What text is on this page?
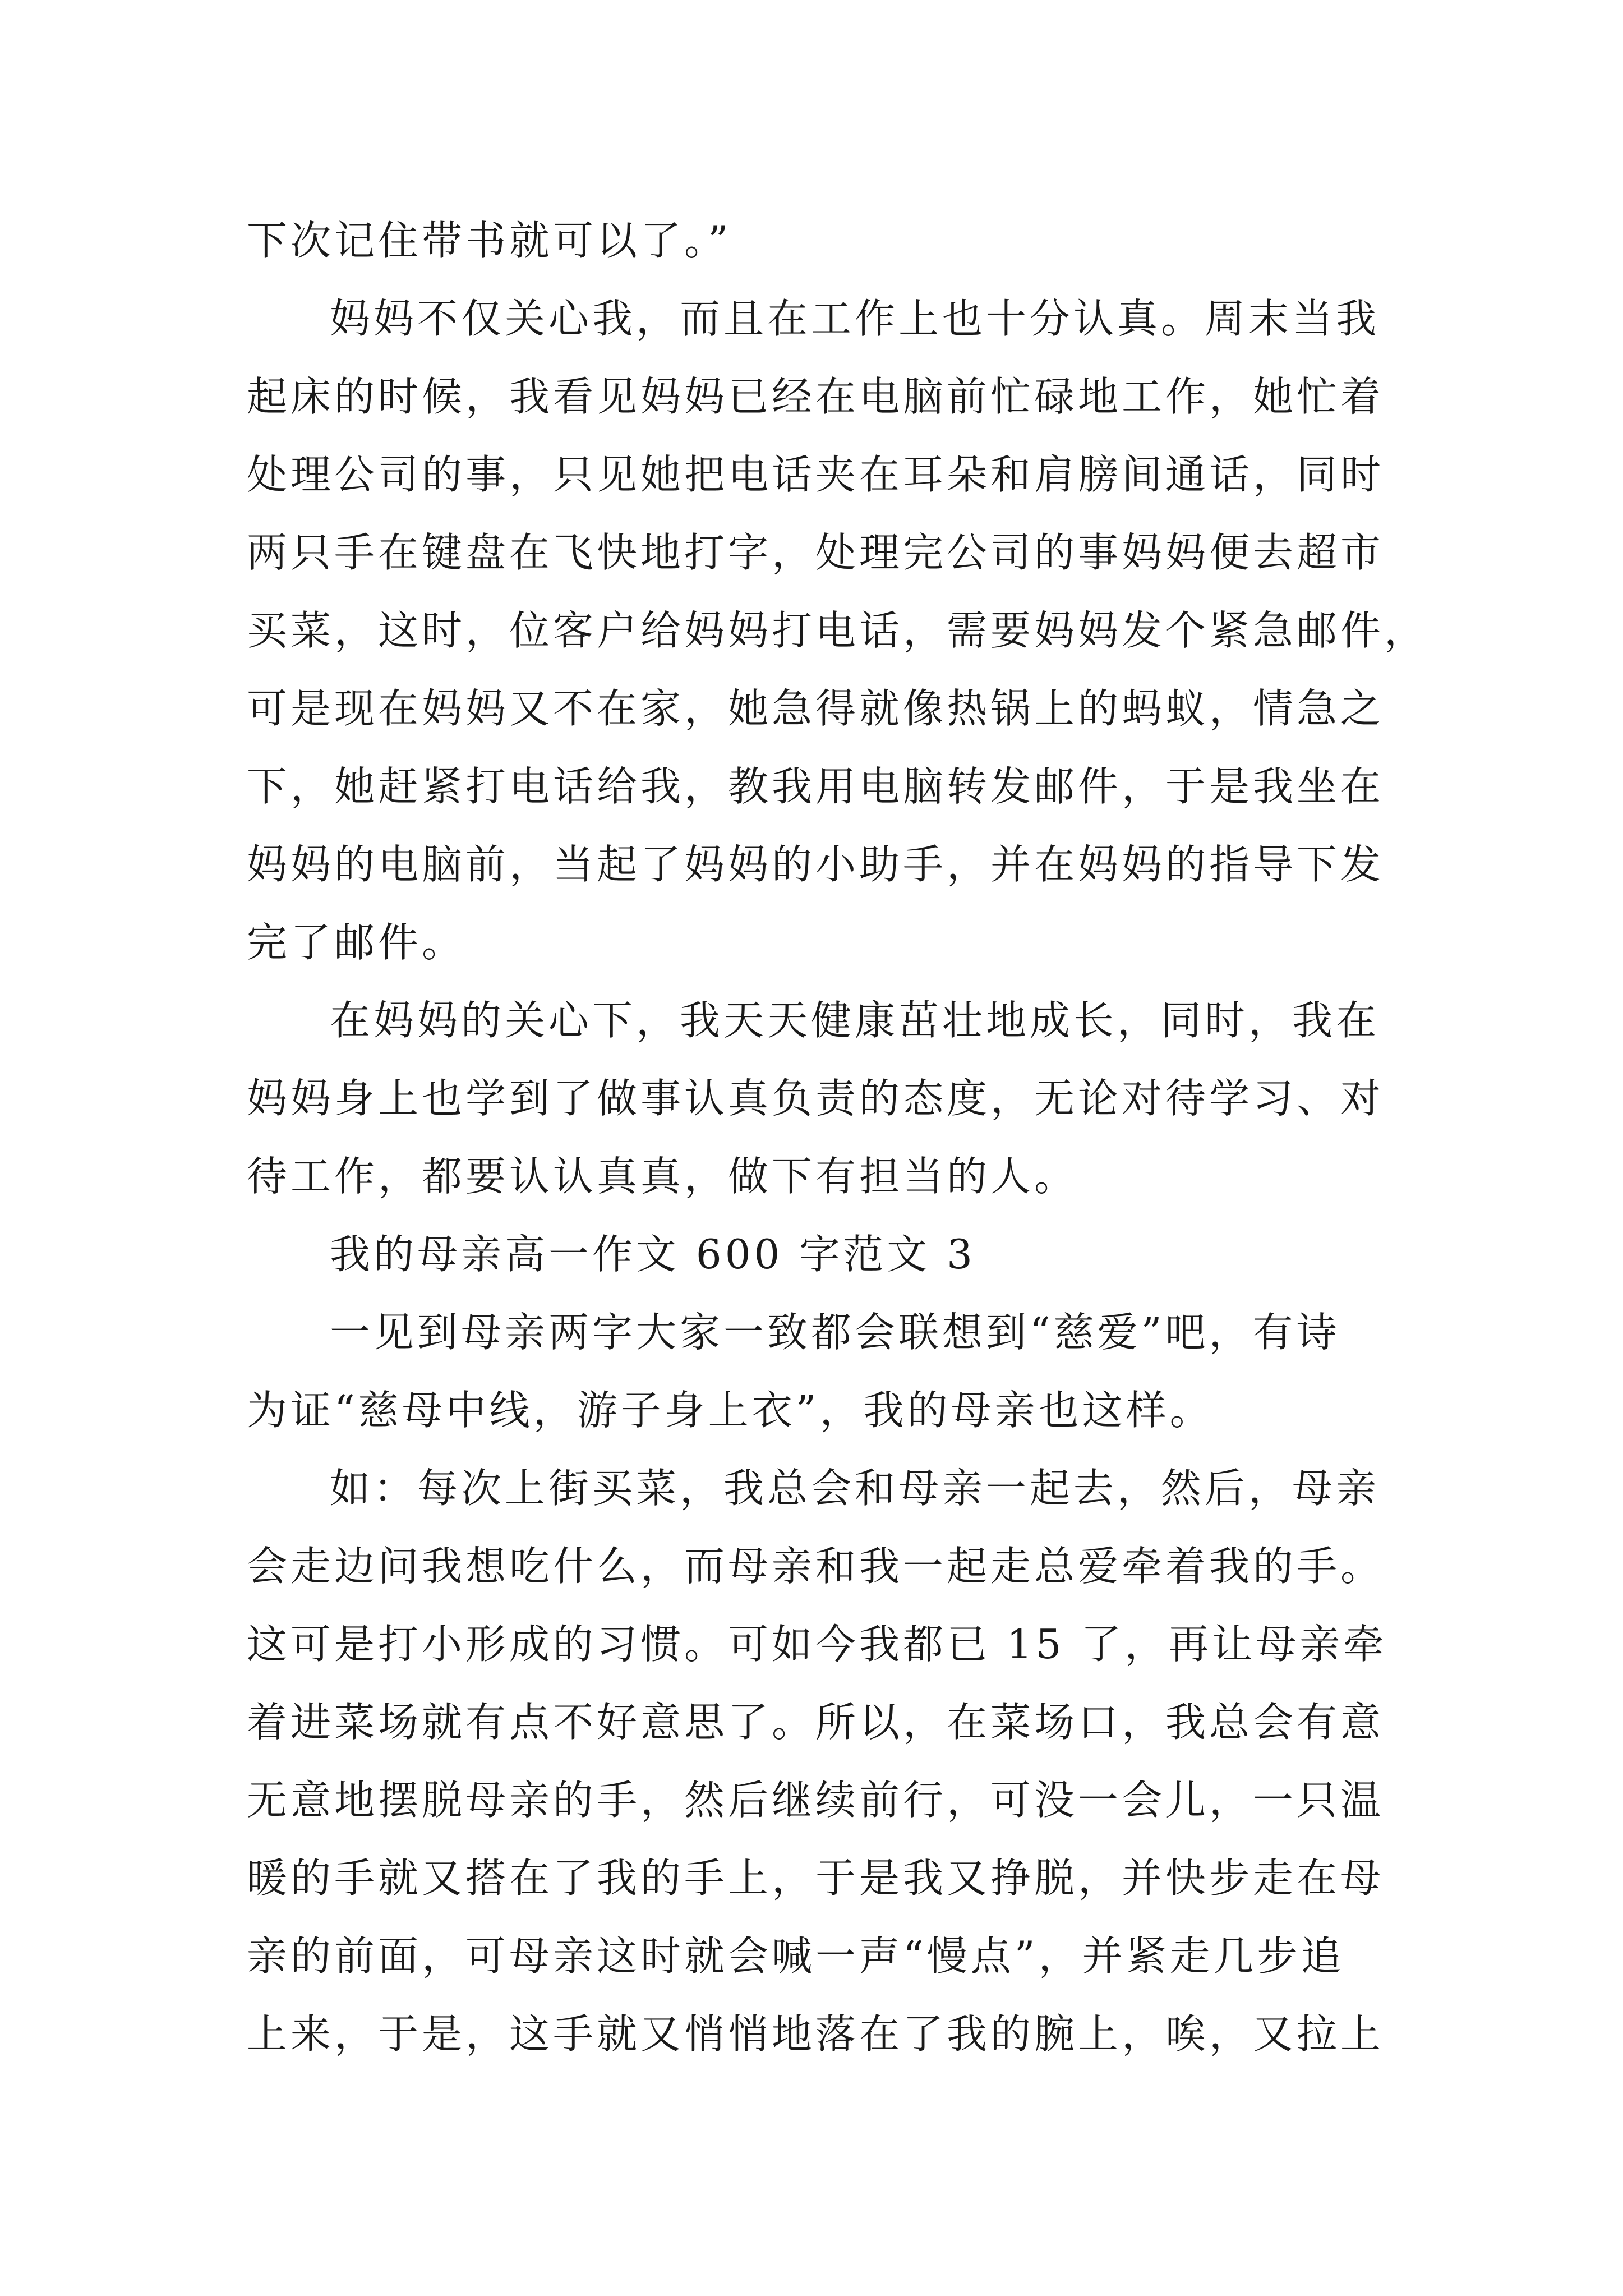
下次记住带书就可以了。”
妈妈不仅关心我，而且在工作上也十分认真。周末当我
起床的时候，我看见妈妈已经在电脑前忙碌地工作，她忙着
处理公司的事，只见她把电话夹在耳朵和肩膀间通话，同时
两只手在键盘在飞快地打字，处理完公司的事妈妈便去超市
买菜，这时，位客户给妈妈打电话，需要妈妈发个紧急邮件，
可是现在妈妈又不在家，她急得就像热锅上的蚂蚁，情急之
下，她赶紧打电话给我，教我用电脑转发邮件，于是我坐在
妈妈的电脑前，当起了妈妈的小助手，并在妈妈的指导下发
完了邮件。
在妈妈的关心下，我天天健康茁壮地成长，同时，我在
妈妈身上也学到了做事认真负责的态度，无论对待学习、对
待工作，都要认认真真，做下有担当的人。
我的母亲高一作文 600 字范文 3
一见到母亲两字大家一致都会联想到“慈爱”吧，有诗
为证“慈母中线，游子身上衣”，我的母亲也这样。
如：每次上街买菜，我总会和母亲一起去，然后，母亲
会走边问我想吃什么，而母亲和我一起走总爱牵着我的手。
这可是打小形成的习惯。可如今我都已 15 了，再让母亲牵
着进菜场就有点不好意思了。所以，在菜场口，我总会有意
无意地摆脱母亲的手，然后继续前行，可没一会儿，一只温
暖的手就又搭在了我的手上，于是我又挣脱，并快步走在母
亲的前面，可母亲这时就会喊一声“慢点”，并紧走几步追
上来，于是，这手就又悄悄地落在了我的腕上，唉，又拉上
